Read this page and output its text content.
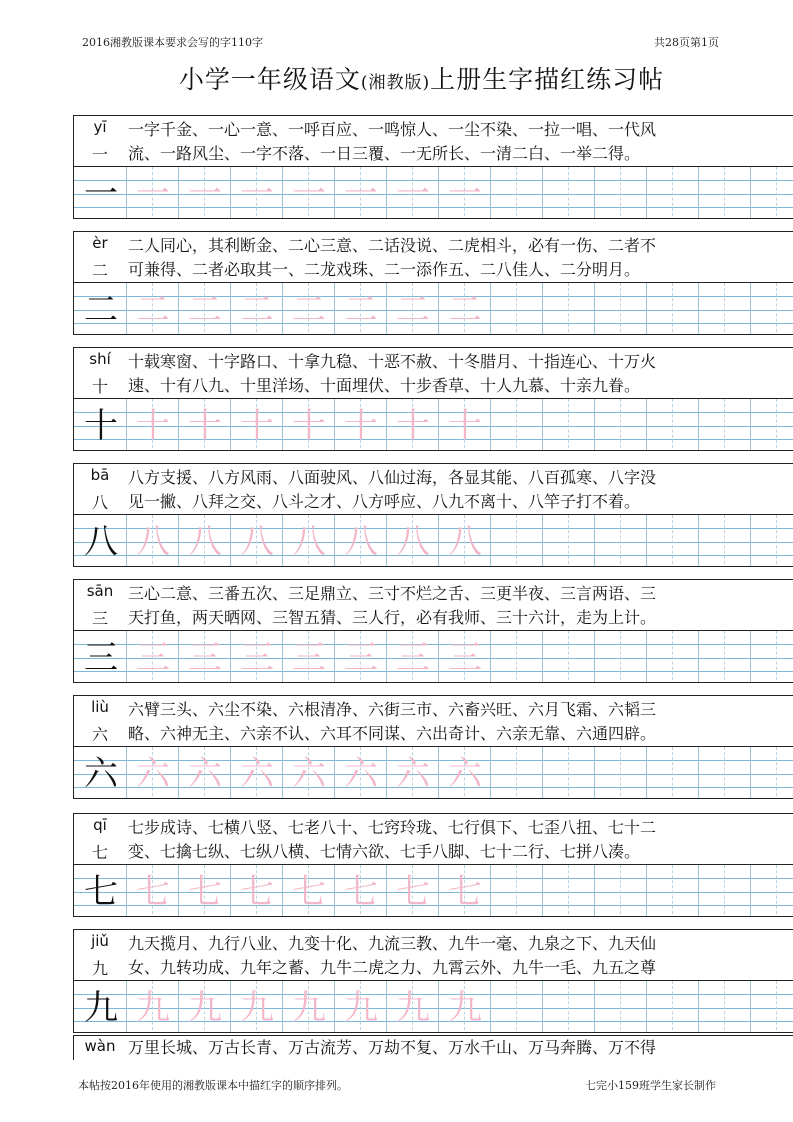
2016湘教版课本要求会写的字110字	共28页第1页
小学一年级语文(湘教版)上册生字描红练习帖
yī
一
一字千金、一心一意、一呼百应、一鸣惊人、一尘不染、一拉一唱、一代风
流、一路风尘、一字不落、一日三覆、一无所长、一清二白、一举二得。
一 一 一 一 一 一 一 一
èr
二
二人同心，其利断金、二心三意、二话没说、二虎相斗，必有一伤、二者不
可兼得、二者必取其一、二龙戏珠、二一添作五、二八佳人、二分明月。
二 二 二 二 二 二 二 二
shí
十
十载寒窗、十字路口、十拿九稳、十恶不赦、十冬腊月、十指连心、十万火
速、十有八九、十里洋场、十面埋伏、十步香草、十人九慕、十亲九眷。
十 十 十 十 十 十 十 十
bā
八
八方支援、八方风雨、八面驶风、八仙过海，各显其能、八百孤寒、八字没
见一撇、八拜之交、八斗之才、八方呼应、八九不离十、八竿子打不着。
八 八 八 八 八 八 八 八
sān
三
三心二意、三番五次、三足鼎立、三寸不烂之舌、三更半夜、三言两语、三
天打鱼，两天晒网、三智五猜、三人行，必有我师、三十六计，走为上计。
三 三 三 三 三 三 三 三
liù
六
六臂三头、六尘不染、六根清净、六街三市、六畜兴旺、六月飞霜、六韬三
略、六神无主、六亲不认、六耳不同谋、六出奇计、六亲无靠、六通四辟。
六 六 六 六 六 六 六 六
qī
七
七步成诗、七横八竖、七老八十、七窍玲珑、七行俱下、七歪八扭、七十二
变、七擒七纵、七纵八横、七情六欲、七手八脚、七十二行、七拼八凑。
七 七 七 七 七 七 七 七
jiǔ
九
九天揽月、九行八业、九变十化、九流三教、九牛一毫、九泉之下、九天仙
女、九转功成、九年之蓄、九牛二虎之力、九霄云外、九牛一毛、九五之尊
九 九 九 九 九 九 九 九
wàn 万里长城、万古长青、万古流芳、万劫不复、万水千山、万马奔腾、万不得
本帖按2016年使用的湘教版课本中描红字的顺序排列。	七完小159班学生家长制作
